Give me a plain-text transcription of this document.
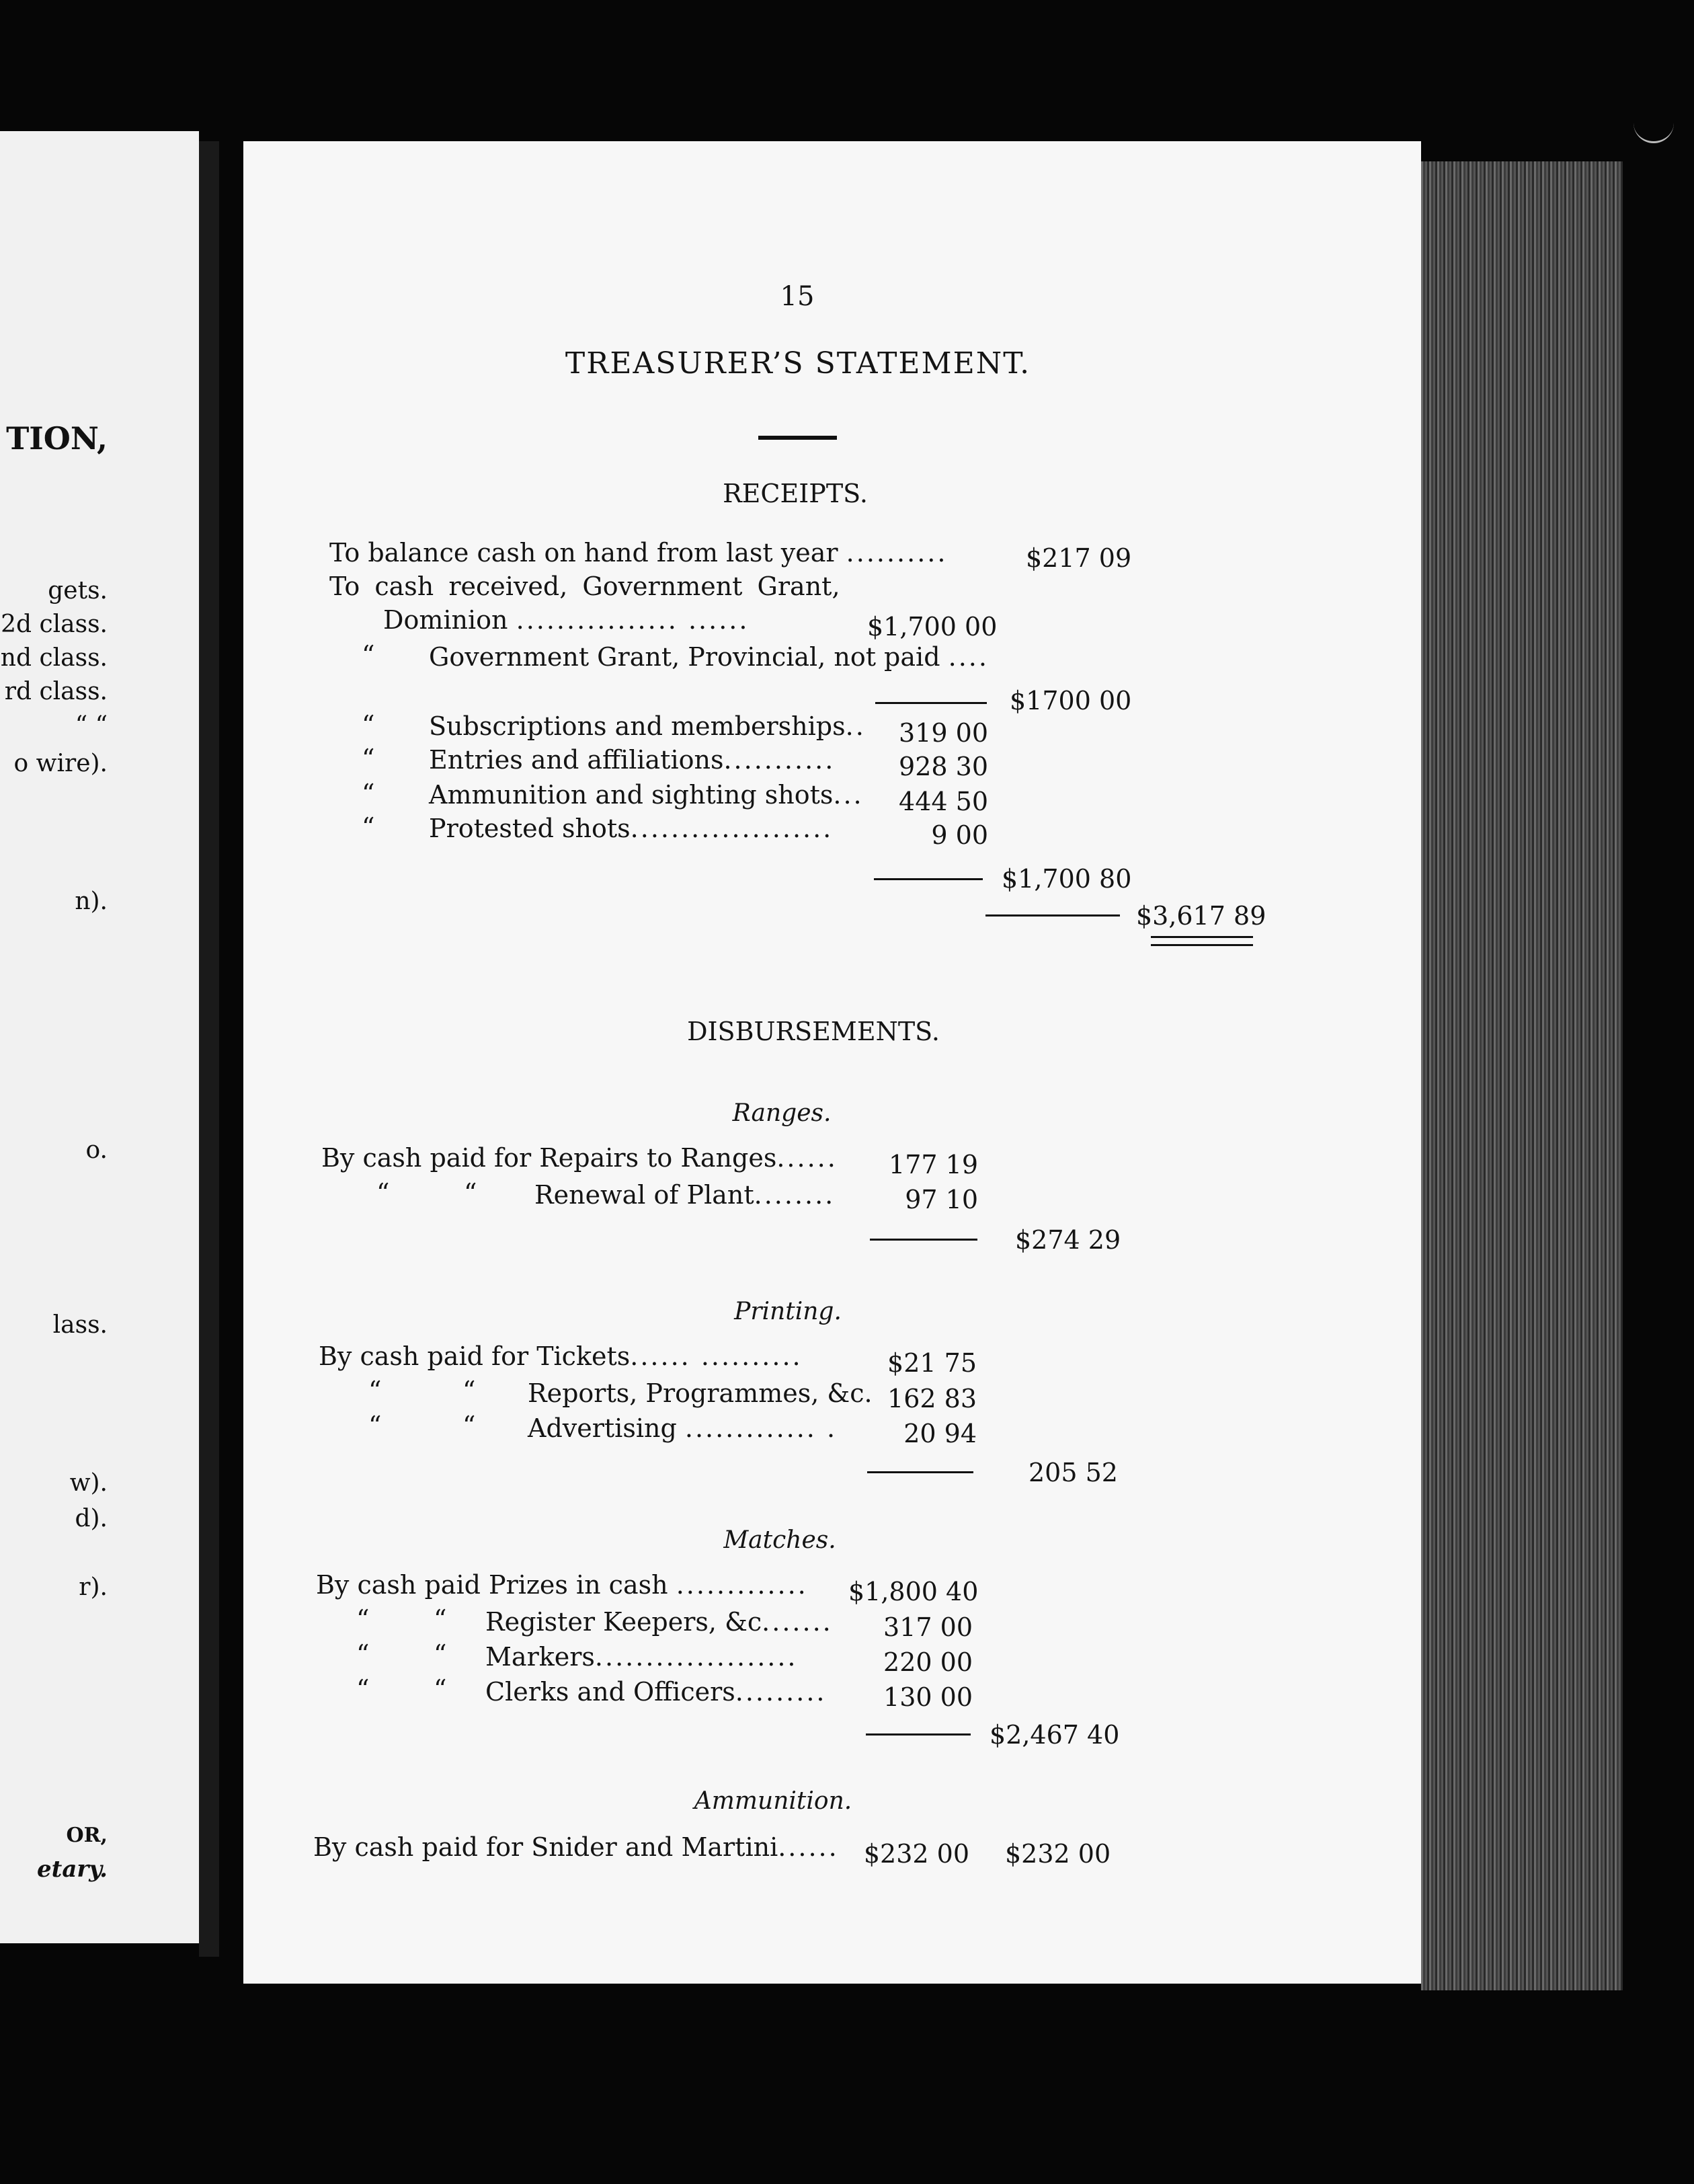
TION,
gets.
2d class.
nd class.
rd class.
“ “
o wire).
n).
o.
lass.
w).
d).
r).
OR,
etary.
15
TREASURER’S STATEMENT.
RECEIPTS.
To balance cash on hand from last year ..........	$217 09
To cash received, Government Grant,
Dominion ................ ......	$1,700 00
“ Government Grant, Provincial, not paid ....
$1700 00
“ Subscriptions and memberships..	319 00
“ Entries and affiliations...........	928 30
“ Ammunition and sighting shots...	444 50
“ Protested shots....................	9 00
$1,700 80
$3,617 89
DISBURSEMENTS.
Ranges.
By cash paid for Repairs to Ranges......	177 19
“	“ Renewal of Plant........	97 10
$274 29
Printing.
By cash paid for Tickets...... ..........	$21 75
“	“ Reports, Programmes, &c. 162 83
“	“ Advertising ............. .	20 94
205 52
Matches.
By cash paid Prizes in cash ............. $1,800 40
“	“ Register Keepers, &c.......	317 00
“	“ Markers....................	220 00
“	“ Clerks and Officers.........	130 00
$2,467 40
Ammunition.
By cash paid for Snider and Martini...... $232 00 $232 00
